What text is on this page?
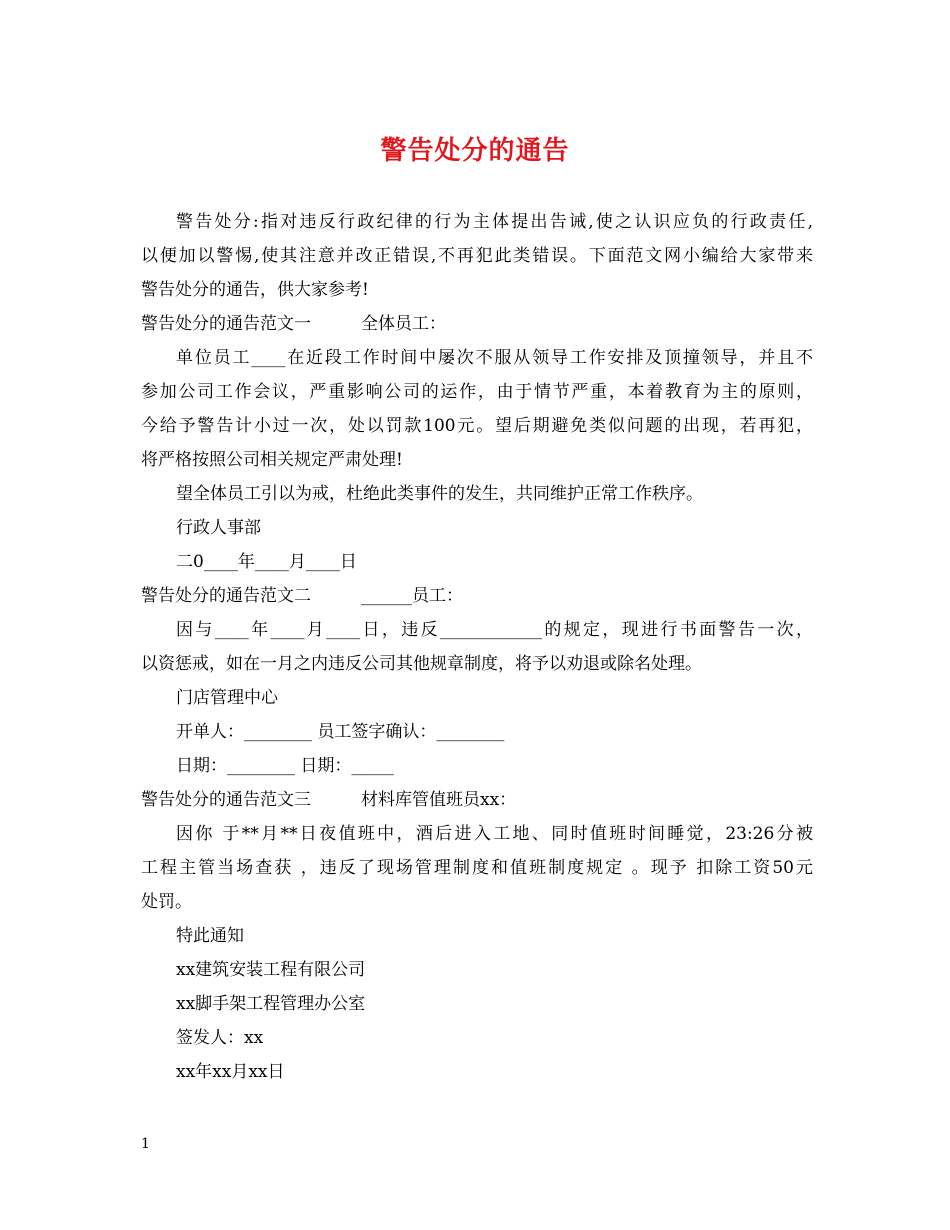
警告处分的通告
警告处分:指对违反行政纪律的行为主体提出告诫,使之认识应负的行政责任,
以便加以警惕,使其注意并改正错误,不再犯此类错误。下面范文网小编给大家带来
警告处分的通告，供大家参考!
警告处分的通告范文一	全体员工：
单位员工____在近段工作时间中屡次不服从领导工作安排及顶撞领导，并且不
参加公司工作会议，严重影响公司的运作，由于情节严重，本着教育为主的原则，
今给予警告计小过一次，处以罚款100元。望后期避免类似问题的出现，若再犯，
将严格按照公司相关规定严肃处理!
望全体员工引以为戒，杜绝此类事件的发生，共同维护正常工作秩序。
行政人事部
二0____年____月____日
警告处分的通告范文二	______员工：
因与____年____月____日，违反____________的规定，现进行书面警告一次，
以资惩戒，如在一月之内违反公司其他规章制度，将予以劝退或除名处理。
门店管理中心
开单人：________ 员工签字确认：________
日期：________ 日期：_____
警告处分的通告范文三	材料库管值班员xx：
因你 于**月**日夜值班中，酒后进入工地、同时值班时间睡觉，23:26分被
工程主管当场查获 ，违反了现场管理制度和值班制度规定 。现予 扣除工资50元
处罚。
特此通知
xx建筑安装工程有限公司
xx脚手架工程管理办公室
签发人：xx
xx年xx月xx日
1
